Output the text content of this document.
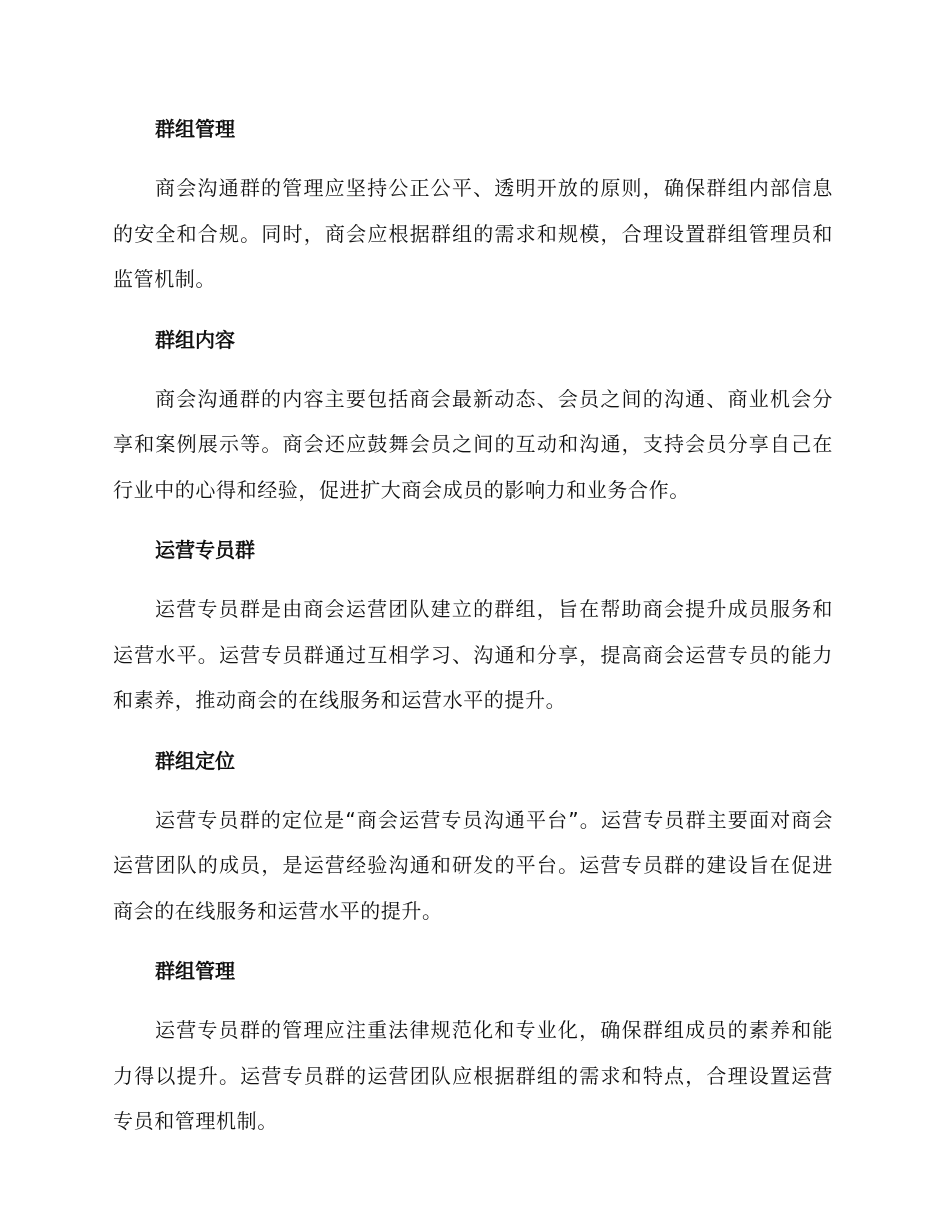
群组管理

商会沟通群的管理应坚持公正公平、透明开放的原则，确保群组内部信息的安全和合规。同时，商会应根据群组的需求和规模，合理设置群组管理员和监管机制。

群组内容

商会沟通群的内容主要包括商会最新动态、会员之间的沟通、商业机会分享和案例展示等。商会还应鼓舞会员之间的互动和沟通，支持会员分享自己在行业中的心得和经验，促进扩大商会成员的影响力和业务合作。

运营专员群

运营专员群是由商会运营团队建立的群组，旨在帮助商会提升成员服务和运营水平。运营专员群通过互相学习、沟通和分享，提高商会运营专员的能力和素养，推动商会的在线服务和运营水平的提升。

群组定位

运营专员群的定位是“商会运营专员沟通平台”。运营专员群主要面对商会运营团队的成员，是运营经验沟通和研发的平台。运营专员群的建设旨在促进商会的在线服务和运营水平的提升。

群组管理

运营专员群的管理应注重法律规范化和专业化，确保群组成员的素养和能力得以提升。运营专员群的运营团队应根据群组的需求和特点，合理设置运营专员和管理机制。
